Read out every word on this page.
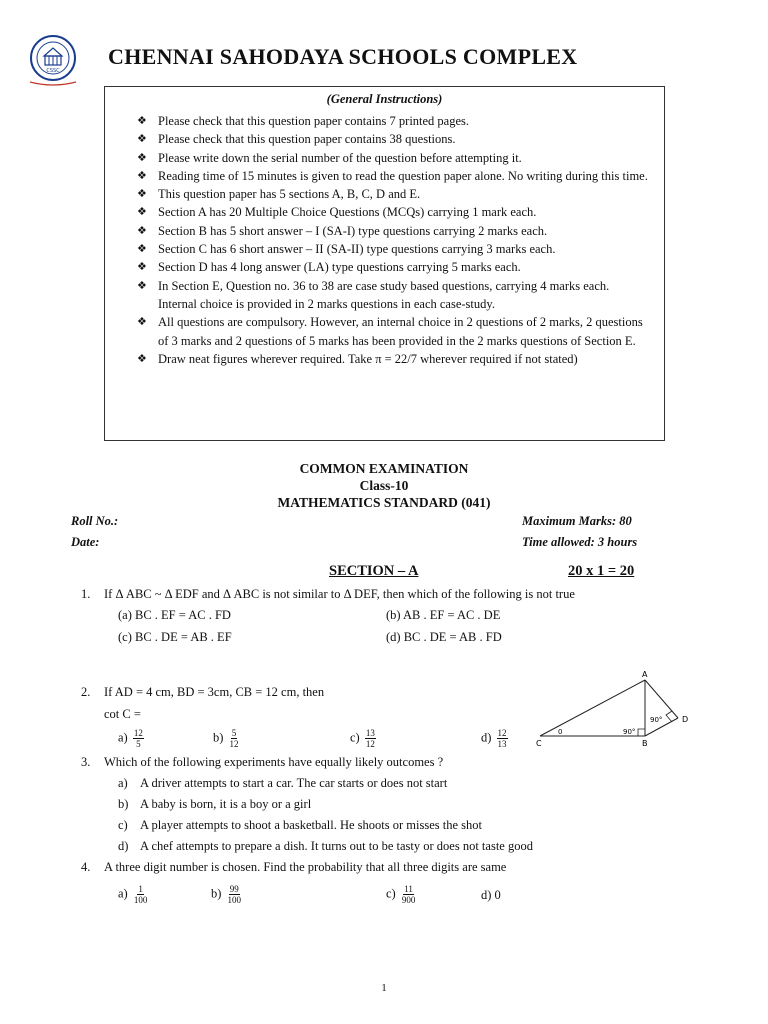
CSSC
CHENNAI SAHODAYA SCHOOLS COMPLEX
(General Instructions)
❖ Please check that this question paper contains 7 printed pages.
❖ Please check that this question paper contains 38 questions.
❖ Please write down the serial number of the question before attempting it.
❖ Reading time of 15 minutes is given to read the question paper alone. No writing during this time.
❖ This question paper has 5 sections A, B, C, D and E.
❖ Section A has 20 Multiple Choice Questions (MCQs) carrying 1 mark each.
❖ Section B has 5 short answer – I (SA-I) type questions carrying 2 marks each.
❖ Section C has 6 short answer – II (SA-II) type questions carrying 3 marks each.
❖ Section D has 4 long answer (LA) type questions carrying 5 marks each.
❖ In Section E, Question no. 36 to 38 are case study based questions, carrying 4 marks each. Internal choice is provided in 2 marks questions in each case-study.
❖ All questions are compulsory. However, an internal choice in 2 questions of 2 marks, 2 questions of 3 marks and 2 questions of 5 marks has been provided in the 2 marks questions of Section E.
❖ Draw neat figures wherever required. Take π = 22/7 wherever required if not stated)
COMMON EXAMINATION
Class-10
MATHEMATICS STANDARD (041)
Roll No.:
Date:
Maximum Marks: 80
Time allowed: 3 hours
SECTION – A	20 x 1 = 20
1. If Δ ABC ~ Δ EDF and Δ ABC is not similar to Δ DEF, then which of the following is not true
(a) BC . EF = AC . FD	(b) AB . EF = AC . DE
(c) BC . DE = AB . EF	(d) BC . DE = AB . FD
2. If AD = 4 cm, BD = 3cm, CB = 12 cm, then
cot C =
$a) \frac{12}{5}$	$b) \frac{5}{12}$	$c) \frac{13}{12}$	$d) \frac{12}{13}$
A
B
C
D
0	90°
90°
3. Which of the following experiments have equally likely outcomes ?
a) A driver attempts to start a car. The car starts or does not start
b) A baby is born, it is a boy or a girl
c) A player attempts to shoot a basketball. He shoots or misses the shot
d) A chef attempts to prepare a dish. It turns out to be tasty or does not taste good
4. A three digit number is chosen. Find the probability that all three digits are same
$a) \frac{1}{100}$	$b) \frac{99}{100}$	$c) \frac{11}{900}$	d) 0
1
